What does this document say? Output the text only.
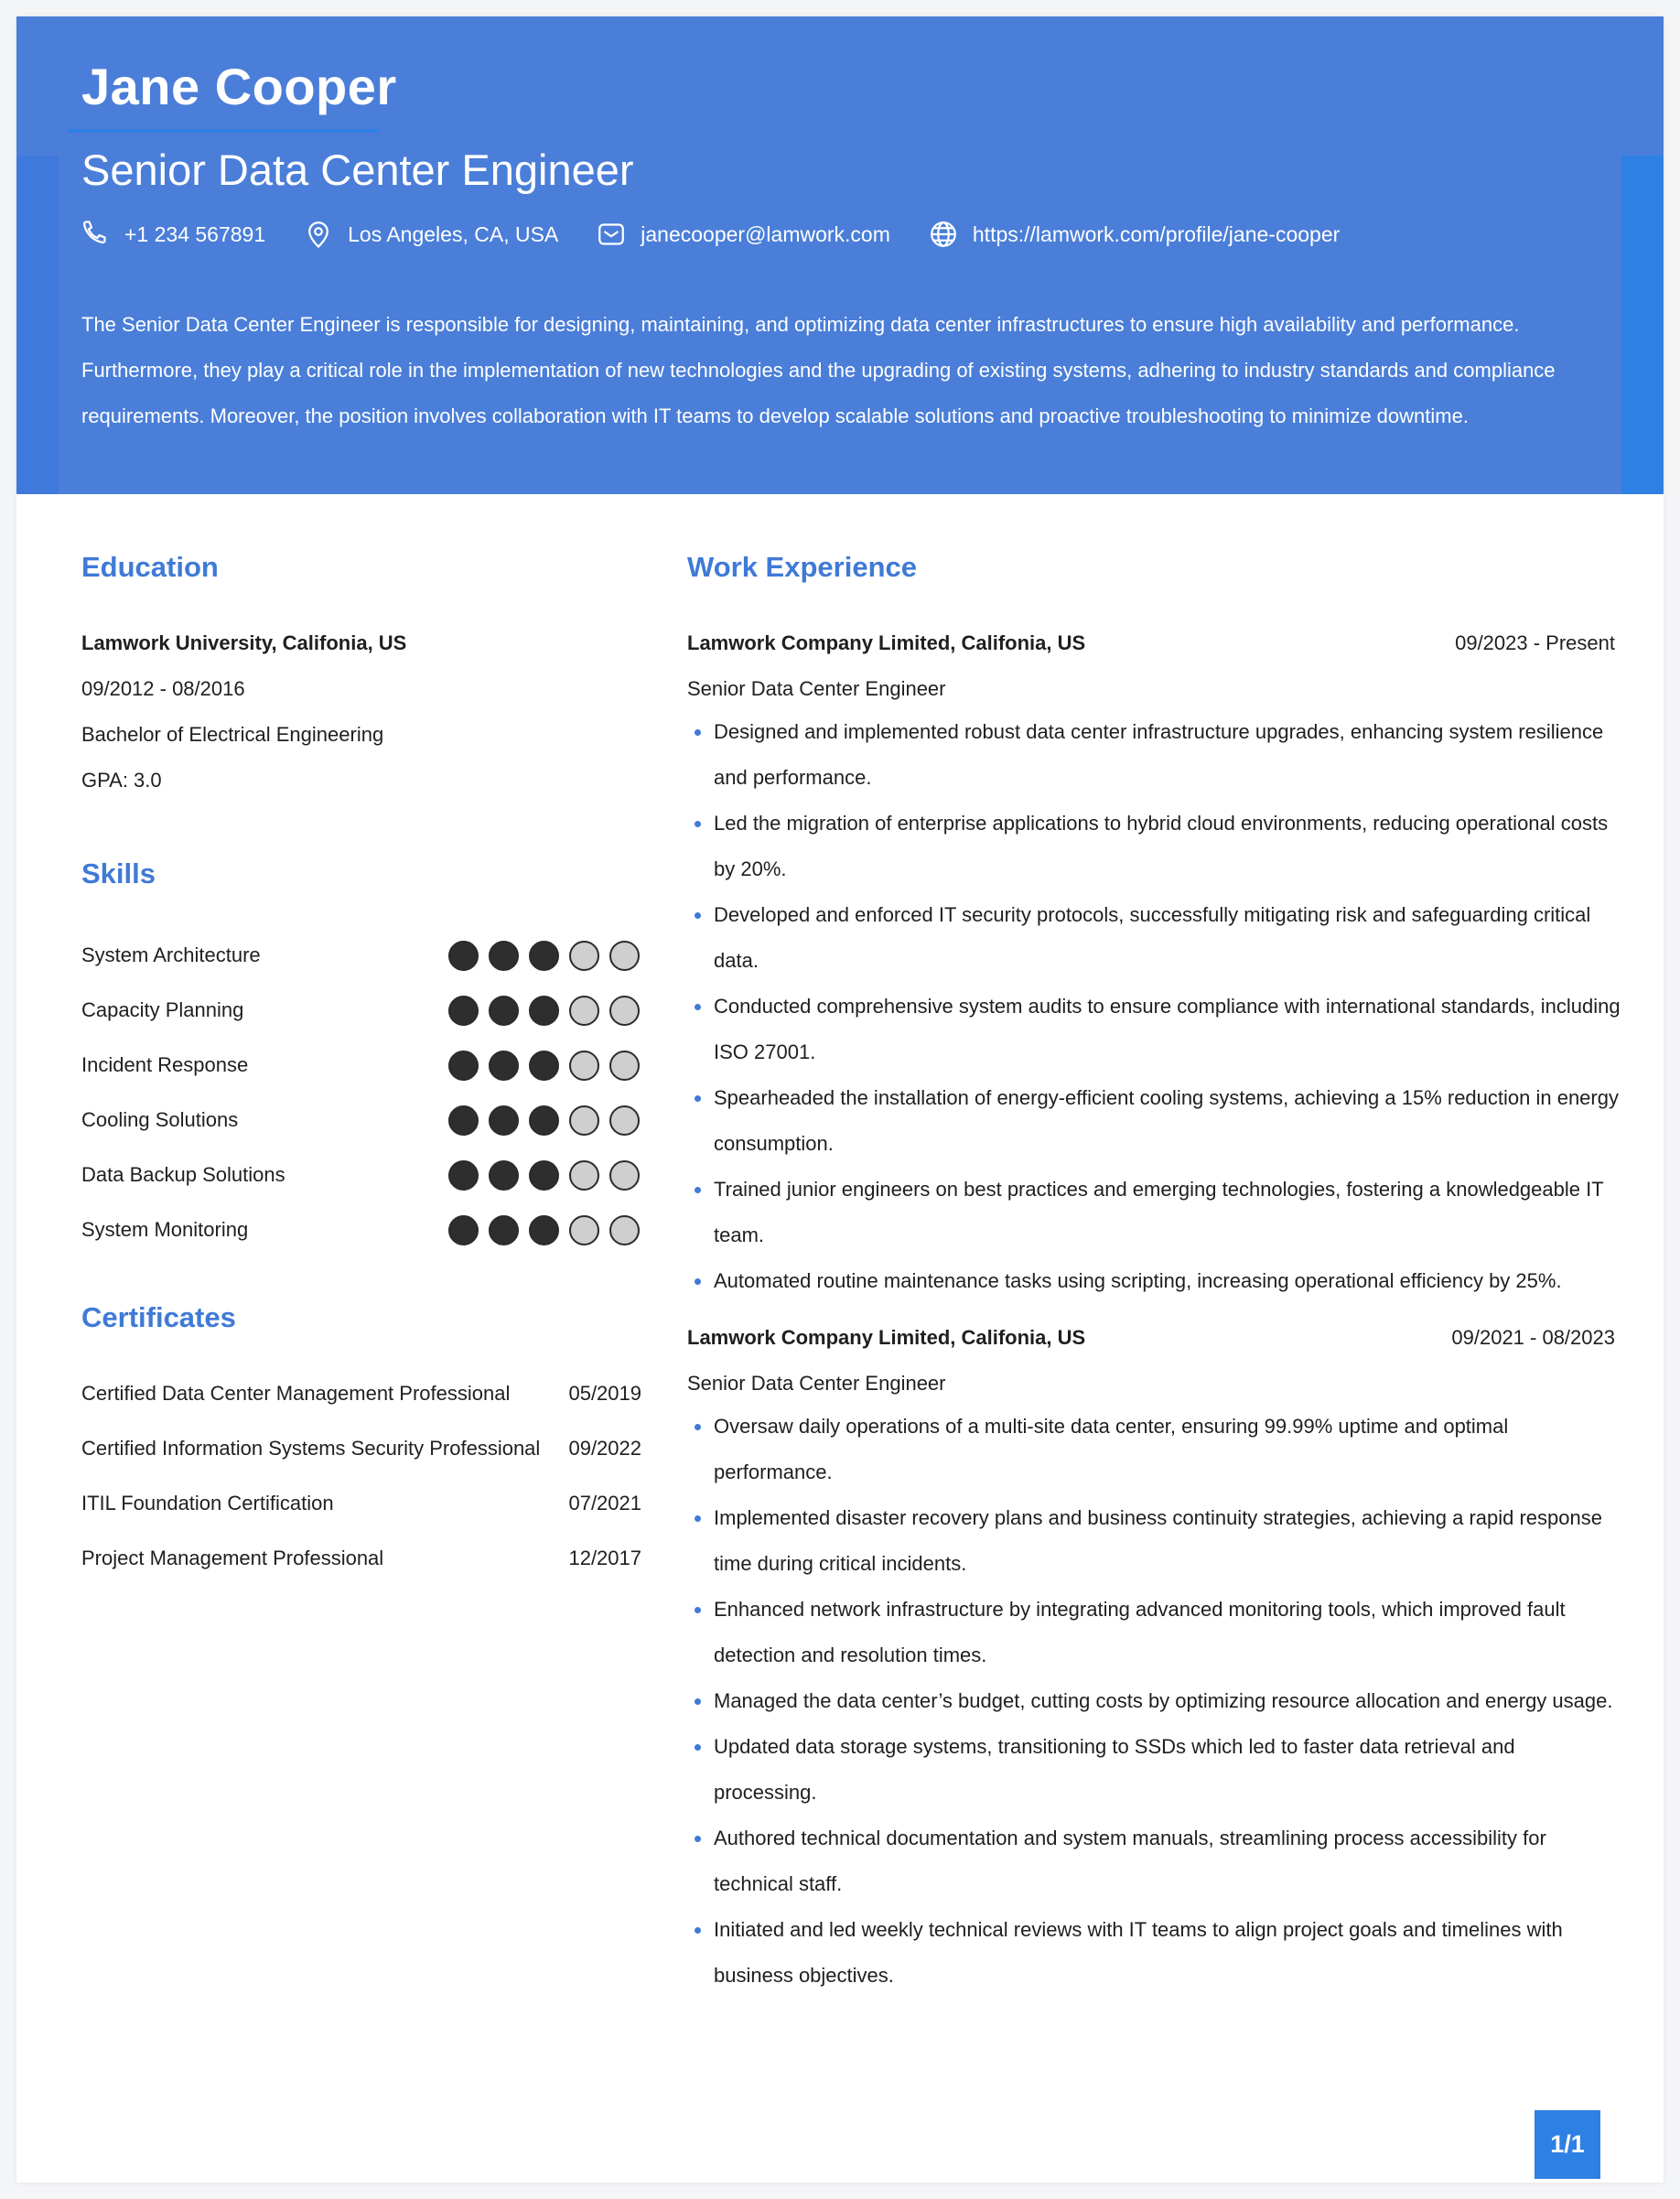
Jane Cooper
Senior Data Center Engineer
+1 234 567891	Los Angeles, CA, USA	janecooper@lamwork.com	https://lamwork.com/profile/jane-cooper

The Senior Data Center Engineer is responsible for designing, maintaining, and optimizing data center infrastructures to ensure high availability and performance. Furthermore, they play a critical role in the implementation of new technologies and the upgrading of existing systems, adhering to industry standards and compliance requirements. Moreover, the position involves collaboration with IT teams to develop scalable solutions and proactive troubleshooting to minimize downtime.

Education
Lamwork University, Califonia, US
09/2012 - 08/2016
Bachelor of Electrical Engineering
GPA: 3.0
Skills
System Architecture
Capacity Planning
Incident Response
Cooling Solutions
Data Backup Solutions
System Monitoring
Certificates
Certified Data Center Management Professional	05/2019
Certified Information Systems Security Professional 09/2022
ITIL Foundation Certification	07/2021
Project Management Professional	12/2017
Work Experience
Lamwork Company Limited, Califonia, US	09/2023 - Present
Senior Data Center Engineer
Designed and implemented robust data center infrastructure upgrades, enhancing system resilience and performance.
Led the migration of enterprise applications to hybrid cloud environments, reducing operational costs by 20%.
Developed and enforced IT security protocols, successfully mitigating risk and safeguarding critical data.
Conducted comprehensive system audits to ensure compliance with international standards, including ISO 27001.
Spearheaded the installation of energy-efficient cooling systems, achieving a 15% reduction in energy consumption.
Trained junior engineers on best practices and emerging technologies, fostering a knowledgeable IT team.
Automated routine maintenance tasks using scripting, increasing operational efficiency by 25%.
Lamwork Company Limited, Califonia, US	09/2021 - 08/2023
Senior Data Center Engineer
Oversaw daily operations of a multi-site data center, ensuring 99.99% uptime and optimal performance.
Implemented disaster recovery plans and business continuity strategies, achieving a rapid response time during critical incidents.
Enhanced network infrastructure by integrating advanced monitoring tools, which improved fault detection and resolution times.
Managed the data center’s budget, cutting costs by optimizing resource allocation and energy usage.
Updated data storage systems, transitioning to SSDs which led to faster data retrieval and processing.
Authored technical documentation and system manuals, streamlining process accessibility for technical staff.
Initiated and led weekly technical reviews with IT teams to align project goals and timelines with business objectives.
1/1
